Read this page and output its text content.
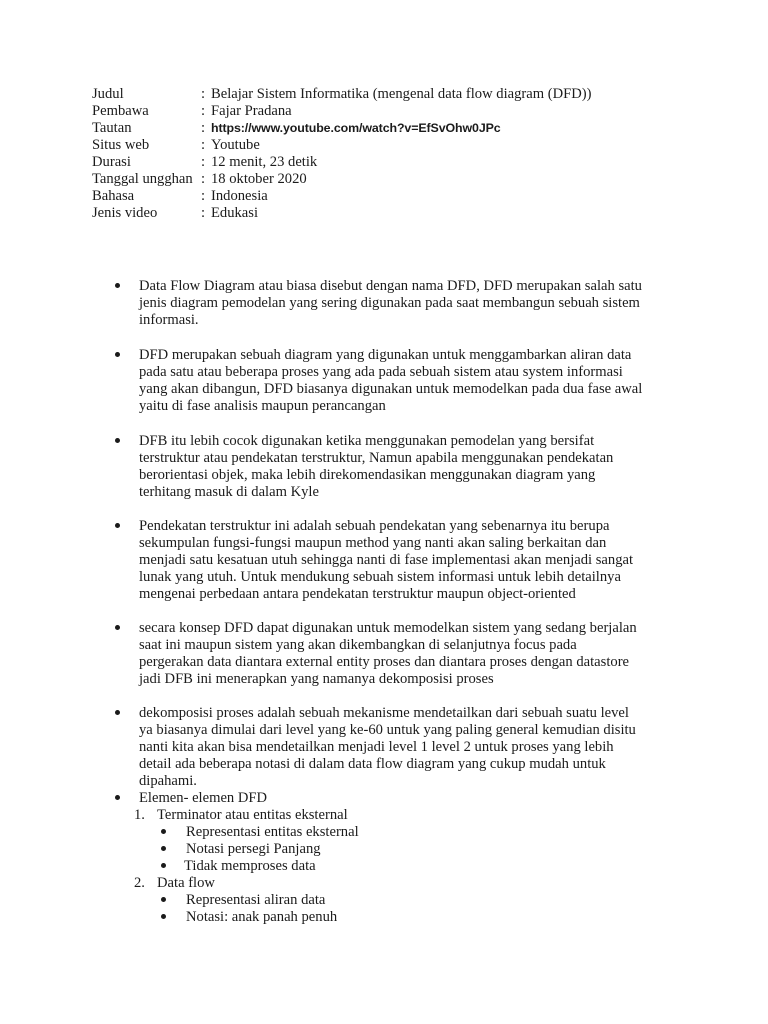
Judul	: Belajar Sistem Informatika (mengenal data flow diagram (DFD))
Pembawa	: Fajar Pradana
Tautan	: https://www.youtube.com/watch?v=EfSvOhw0JPc
Situs web	: Youtube
Durasi	: 12 menit, 23 detik
Tanggal ungghan : 18 oktober 2020
Bahasa	: Indonesia
Jenis video	: Edukasi
Data Flow Diagram atau biasa disebut dengan nama DFD, DFD merupakan salah satu
jenis diagram pemodelan yang sering digunakan pada saat membangun sebuah sistem
informasi.
DFD merupakan sebuah diagram yang digunakan untuk menggambarkan aliran data
pada satu atau beberapa proses yang ada pada sebuah sistem atau system informasi
yang akan dibangun, DFD biasanya digunakan untuk memodelkan pada dua fase awal
yaitu di fase analisis maupun perancangan
DFB itu lebih cocok digunakan ketika menggunakan pemodelan yang bersifat
terstruktur atau pendekatan terstruktur, Namun apabila menggunakan pendekatan
berorientasi objek, maka lebih direkomendasikan menggunakan diagram yang
terhitang masuk di dalam Kyle
Pendekatan terstruktur ini adalah sebuah pendekatan yang sebenarnya itu berupa
sekumpulan fungsi-fungsi maupun method yang nanti akan saling berkaitan dan
menjadi satu kesatuan utuh sehingga nanti di fase implementasi akan menjadi sangat
lunak yang utuh. Untuk mendukung sebuah sistem informasi untuk lebih detailnya
mengenai perbedaan antara pendekatan terstruktur maupun object-oriented
secara konsep DFD dapat digunakan untuk memodelkan sistem yang sedang berjalan
saat ini maupun sistem yang akan dikembangkan di selanjutnya focus pada
pergerakan data diantara external entity proses dan diantara proses dengan datastore
jadi DFB ini menerapkan yang namanya dekomposisi proses
dekomposisi proses adalah sebuah mekanisme mendetailkan dari sebuah suatu level
ya biasanya dimulai dari level yang ke-60 untuk yang paling general kemudian disitu
nanti kita akan bisa mendetailkan menjadi level 1 level 2 untuk proses yang lebih
detail ada beberapa notasi di dalam data flow diagram yang cukup mudah untuk
dipahami.
Elemen- elemen DFD
1. Terminator atau entitas eksternal
Representasi entitas eksternal
Notasi persegi Panjang
Tidak memproses data
2. Data flow
Representasi aliran data
Notasi: anak panah penuh
